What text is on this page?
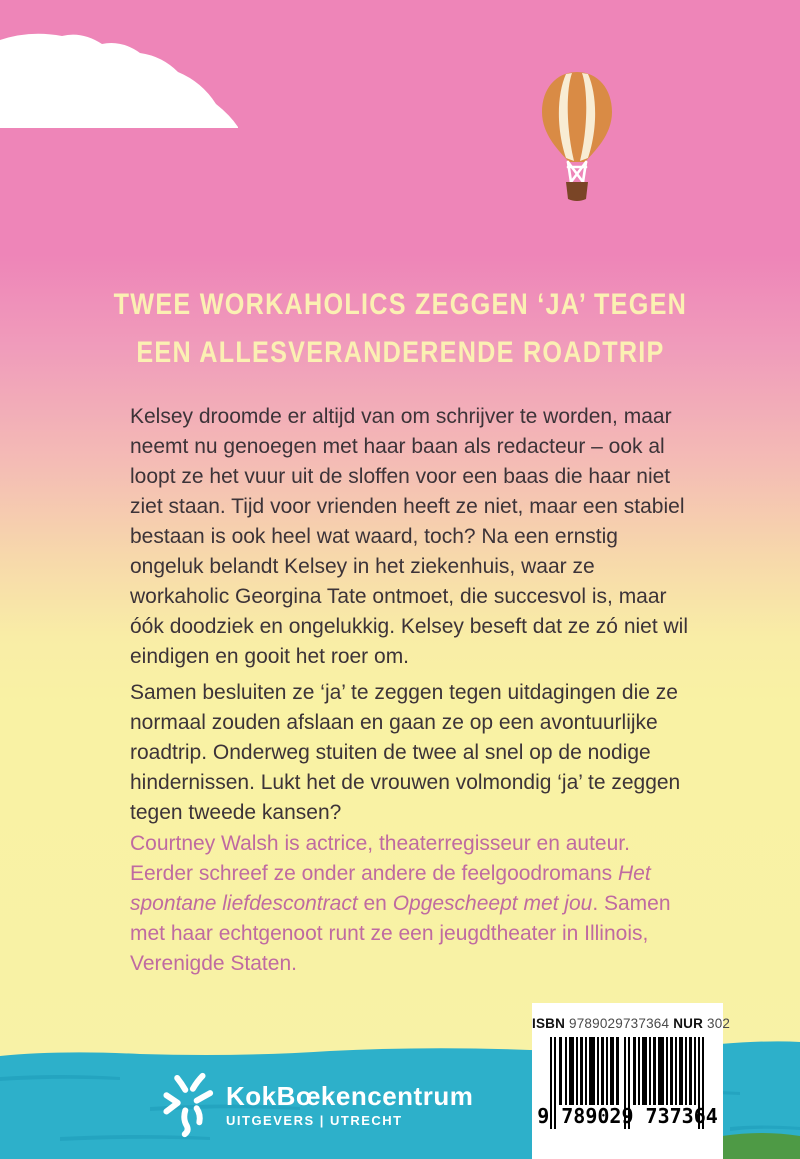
TWEE WORKAHOLICS ZEGGEN ‘JA’ TEGEN
EEN ALLESVERANDERENDE ROADTRIP

Kelsey droomde er altijd van om schrijver te worden, maar neemt nu genoegen met haar baan als redacteur – ook al loopt ze het vuur uit de sloffen voor een baas die haar niet ziet staan. Tijd voor vrienden heeft ze niet, maar een stabiel bestaan is ook heel wat waard, toch? Na een ernstig ongeluk belandt Kelsey in het ziekenhuis, waar ze workaholic Georgina Tate ontmoet, die succesvol is, maar óók doodziek en ongelukkig. Kelsey beseft dat ze zó niet wil eindigen en gooit het roer om.

Samen besluiten ze ‘ja’ te zeggen tegen uitdagingen die ze normaal zouden afslaan en gaan ze op een avontuurlijke roadtrip. Onderweg stuiten de twee al snel op de nodige hindernissen. Lukt het de vrouwen volmondig ‘ja’ te zeggen tegen tweede kansen?

Courtney Walsh is actrice, theaterregisseur en auteur. Eerder schreef ze onder andere de feelgoodromans Het spontane liefdescontract en Opgescheept met jou. Samen met haar echtgenoot runt ze een jeugdtheater in Illinois, Verenigde Staten.

KokBœkencentrum
UITGEVERS | UTRECHT
ISBN 9789029737364 NUR 302
9 789029 737364
